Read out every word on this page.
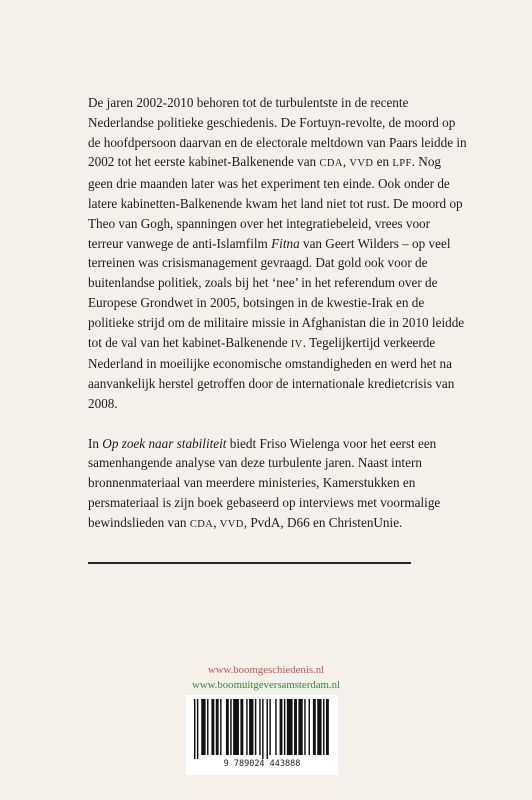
De jaren 2002-2010 behoren tot de turbulentste in de recente Nederlandse politieke geschiedenis. De Fortuyn-revolte, de moord op de hoofdpersoon daarvan en de electorale meltdown van Paars leidde in 2002 tot het eerste kabinet-Balkenende van CDA, VVD en LPF. Nog geen drie maanden later was het experiment ten einde. Ook onder de latere kabinetten-Balkenende kwam het land niet tot rust. De moord op Theo van Gogh, spanningen over het integratiebeleid, vrees voor terreur vanwege de anti-Islamfilm Fitna van Geert Wilders – op veel terreinen was crisismanagement gevraagd. Dat gold ook voor de buitenlandse politiek, zoals bij het ‘nee’ in het referendum over de Europese Grondwet in 2005, botsingen in de kwestie-Irak en de politieke strijd om de militaire missie in Afghanistan die in 2010 leidde tot de val van het kabinet-Balkenende IV. Tegelijkertijd verkeerde Nederland in moeilijke economische omstandigheden en werd het na aanvankelijk herstel getroffen door de internationale kredietcrisis van 2008.

In Op zoek naar stabiliteit biedt Friso Wielenga voor het eerst een samenhangende analyse van deze turbulente jaren. Naast intern bronnenmateriaal van meerdere ministeries, Kamerstukken en persmateriaal is zijn boek gebaseerd op interviews met voormalige bewindslieden van CDA, VVD, PvdA, D66 en ChristenUnie.

www.boomgeschiedenis.nl
www.boomuitgeversamsterdam.nl
9 789024 443888
